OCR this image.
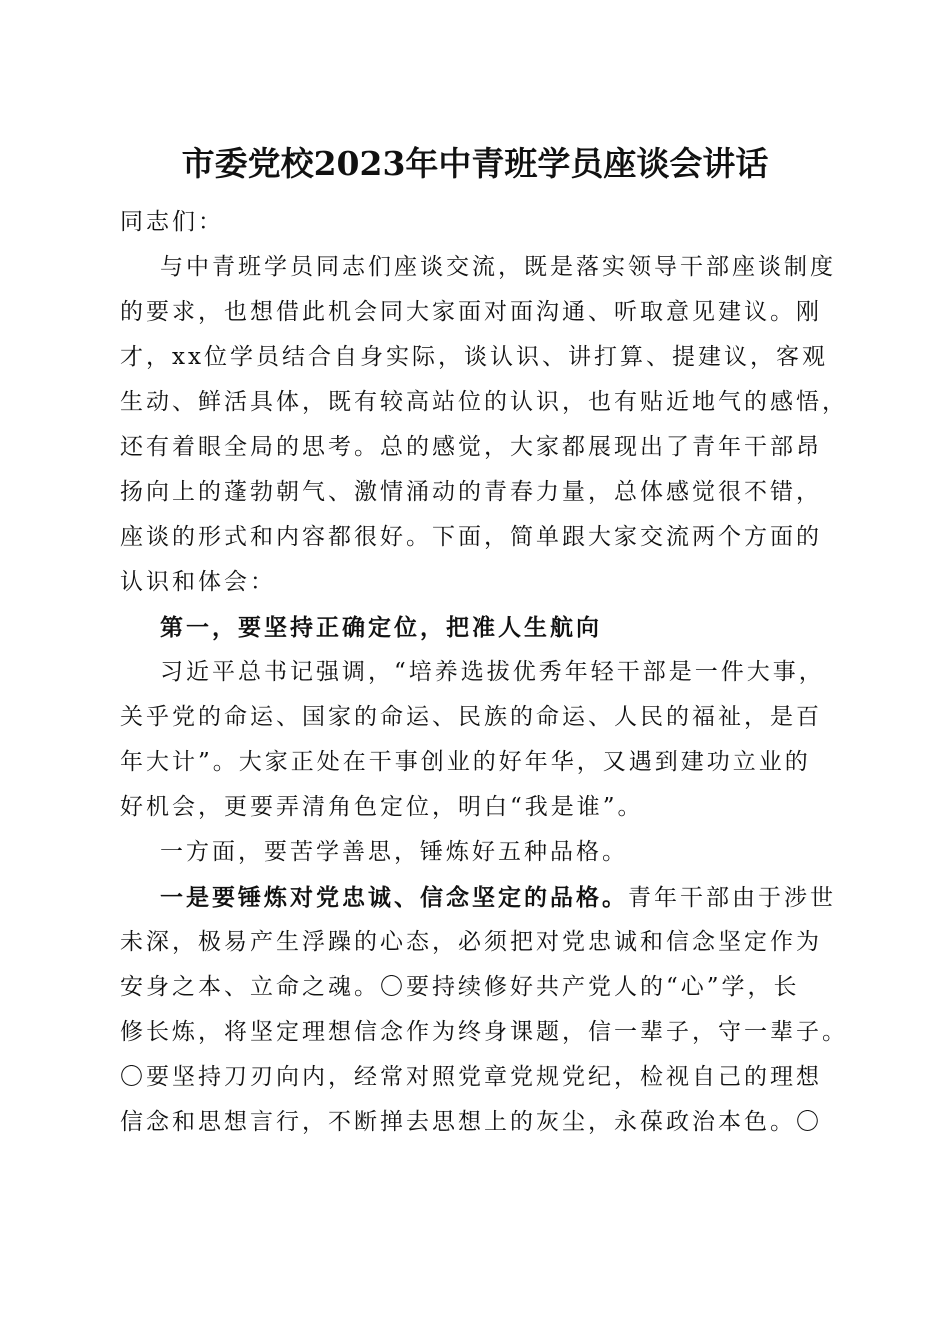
市委党校2023年中青班学员座谈会讲话
同志们：
与中青班学员同志们座谈交流，既是落实领导干部座谈制度
的要求，也想借此机会同大家面对面沟通、听取意见建议。刚
才，xx位学员结合自身实际，谈认识、讲打算、提建议，客观
生动、鲜活具体，既有较高站位的认识，也有贴近地气的感悟，
还有着眼全局的思考。总的感觉，大家都展现出了青年干部昂
扬向上的蓬勃朝气、激情涌动的青春力量，总体感觉很不错，
座谈的形式和内容都很好。下面，简单跟大家交流两个方面的
认识和体会：
第一，要坚持正确定位，把准人生航向
习近平总书记强调，“培养选拔优秀年轻干部是一件大事，
关乎党的命运、国家的命运、民族的命运、人民的福祉，是百
年大计”。大家正处在干事创业的好年华，又遇到建功立业的
好机会，更要弄清角色定位，明白“我是谁”。
一方面，要苦学善思，锤炼好五种品格。
一是要锤炼对党忠诚、信念坚定的品格。青年干部由于涉世
未深，极易产生浮躁的心态，必须把对党忠诚和信念坚定作为
安身之本、立命之魂。〇要持续修好共产党人的“心”学，长
修长炼，将坚定理想信念作为终身课题，信一辈子，守一辈子。
〇要坚持刀刃向内，经常对照党章党规党纪，检视自己的理想
信念和思想言行，不断掸去思想上的灰尘，永葆政治本色。〇
